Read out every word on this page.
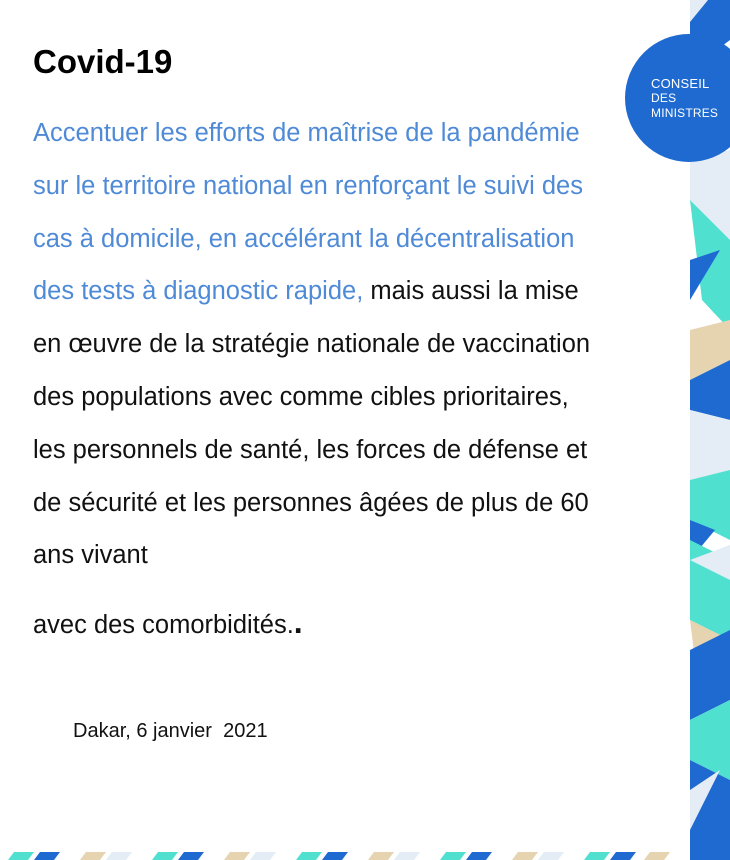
CONSEIL
DES
MINISTRES
Covid-19

Accentuer les efforts de maîtrise de la pandémie sur le territoire national en renforçant le suivi des cas à domicile, en accélérant la décentralisation des tests à diagnostic rapide, mais aussi la mise en œuvre de la stratégie nationale de vaccination des populations avec comme cibles prioritaires, les personnels de santé, les forces de défense et de sécurité et les personnes âgées de plus de 60 ans vivant
avec des comorbidités..

Dakar, 6 janvier  2021
